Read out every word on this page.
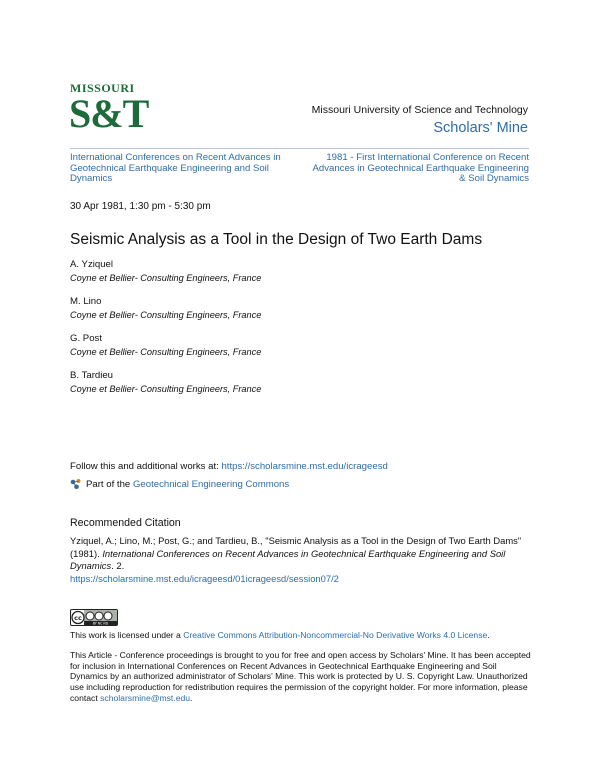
MISSOURI
S&T	Missouri University of Science and Technology
Scholars' Mine
International Conferences on Recent Advances in Geotechnical Earthquake Engineering and Soil Dynamics
1981 - First International Conference on Recent Advances in Geotechnical Earthquake Engineering & Soil Dynamics
30 Apr 1981, 1:30 pm - 5:30 pm
Seismic Analysis as a Tool in the Design of Two Earth Dams
A. Yziquel
Coyne et Bellier- Consulting Engineers, France
M. Lino
Coyne et Bellier- Consulting Engineers, France
G. Post
Coyne et Bellier- Consulting Engineers, France
B. Tardieu
Coyne et Bellier- Consulting Engineers, France
Follow this and additional works at: https://scholarsmine.mst.edu/icrageesd
Part of the
Geotechnical Engineering Commons
Recommended Citation
Yziquel, A.; Lino, M.; Post, G.; and Tardieu, B., "Seismic Analysis as a Tool in the Design of Two Earth Dams" (1981). International Conferences on Recent Advances in Geotechnical Earthquake Engineering and Soil Dynamics. 2.
https://scholarsmine.mst.edu/icrageesd/01icrageesd/session07/2
cc
BY NC ND
This work is licensed under a Creative Commons Attribution-Noncommercial-No Derivative Works 4.0 License.
This Article - Conference proceedings is brought to you for free and open access by Scholars' Mine. It has been accepted for inclusion in International Conferences on Recent Advances in Geotechnical Earthquake Engineering and Soil Dynamics by an authorized administrator of Scholars' Mine. This work is protected by U. S. Copyright Law. Unauthorized use including reproduction for redistribution requires the permission of the copyright holder. For more information, please contact scholarsmine@mst.edu.
